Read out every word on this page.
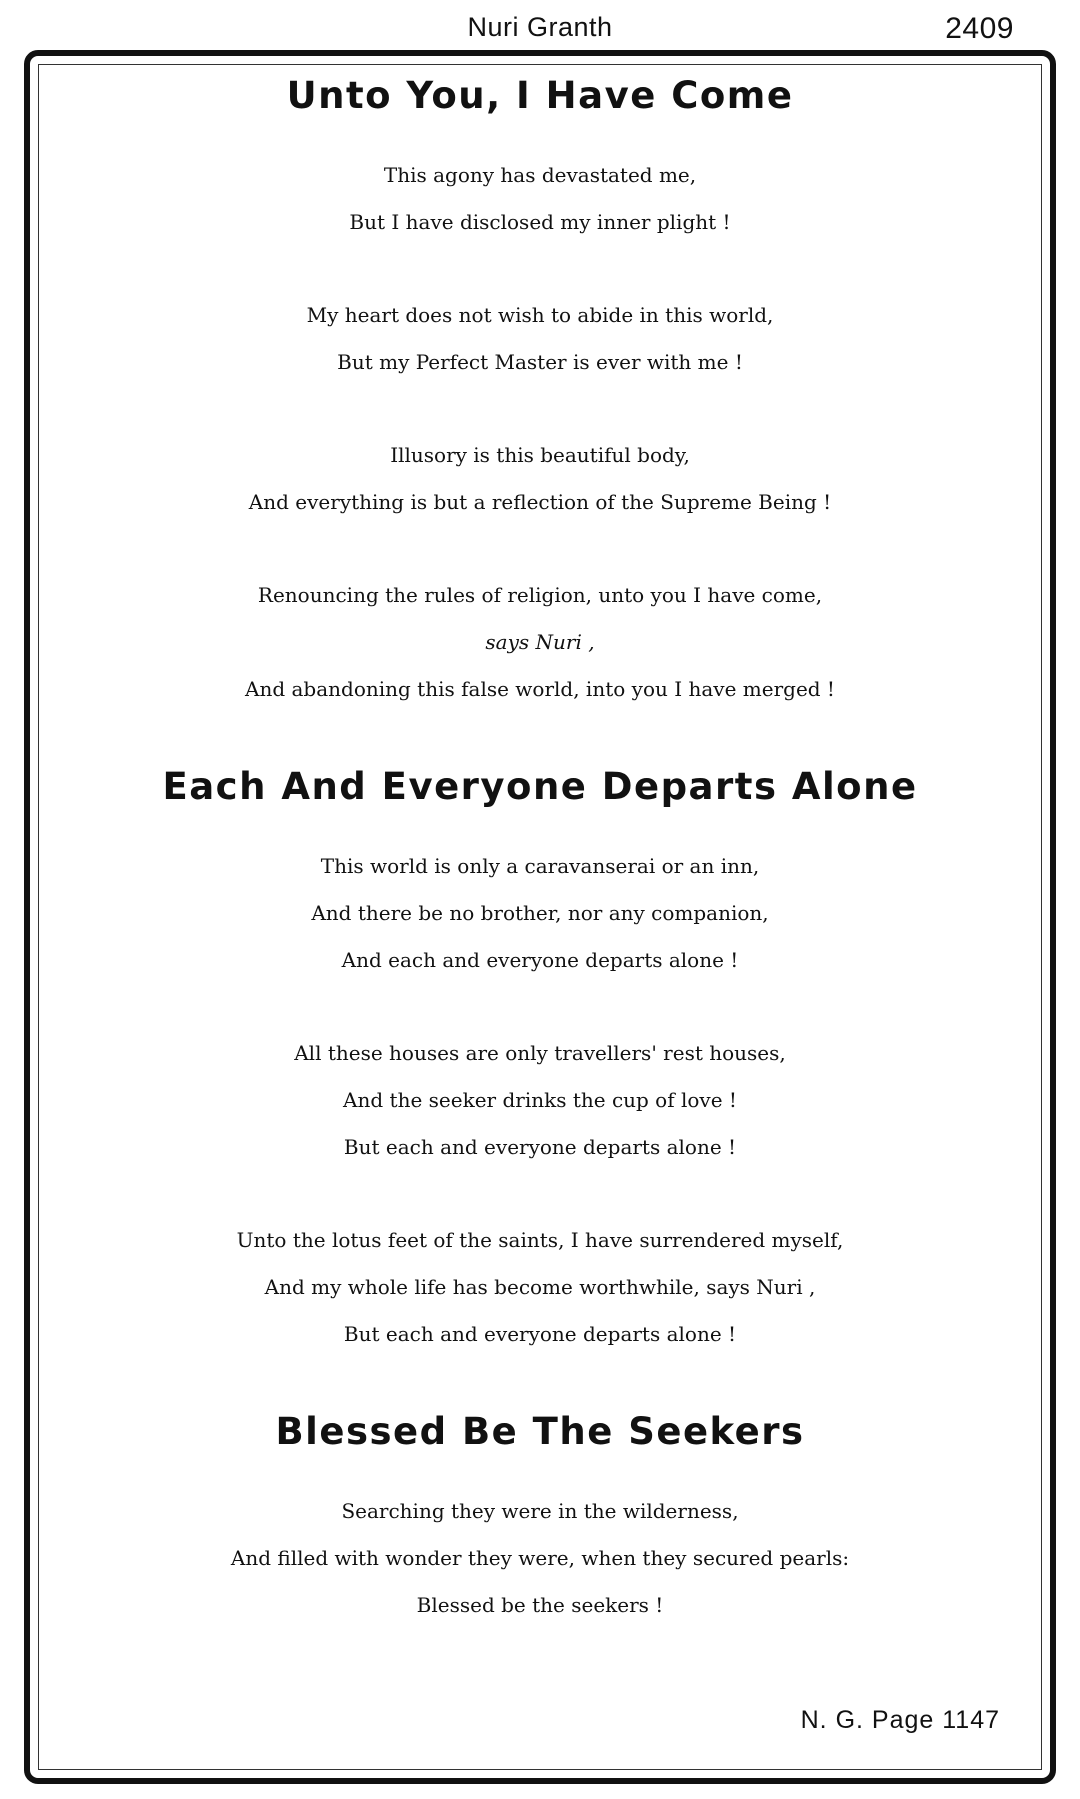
Nuri Granth	2409
Unto You, I Have Come
This agony has devastated me,
But I have disclosed my inner plight !
My heart does not wish to abide in this world,
But my Perfect Master is ever with me !
Illusory is this beautiful body,
And everything is but a reflection of the Supreme Being !
Renouncing the rules of religion, unto you I have come,
says Nuri ,
And abandoning this false world, into you I have merged !
Each And Everyone Departs Alone
This world is only a caravanserai or an inn,
And there be no brother, nor any companion,
And each and everyone departs alone !
All these houses are only travellers' rest houses,
And the seeker drinks the cup of love !
But each and everyone departs alone !
Unto the lotus feet of the saints, I have surrendered myself,
And my whole life has become worthwhile, says Nuri ,
But each and everyone departs alone !
Blessed Be The Seekers
Searching they were in the wilderness,
And filled with wonder they were, when they secured pearls:
Blessed be the seekers !
N. G. Page 1147
